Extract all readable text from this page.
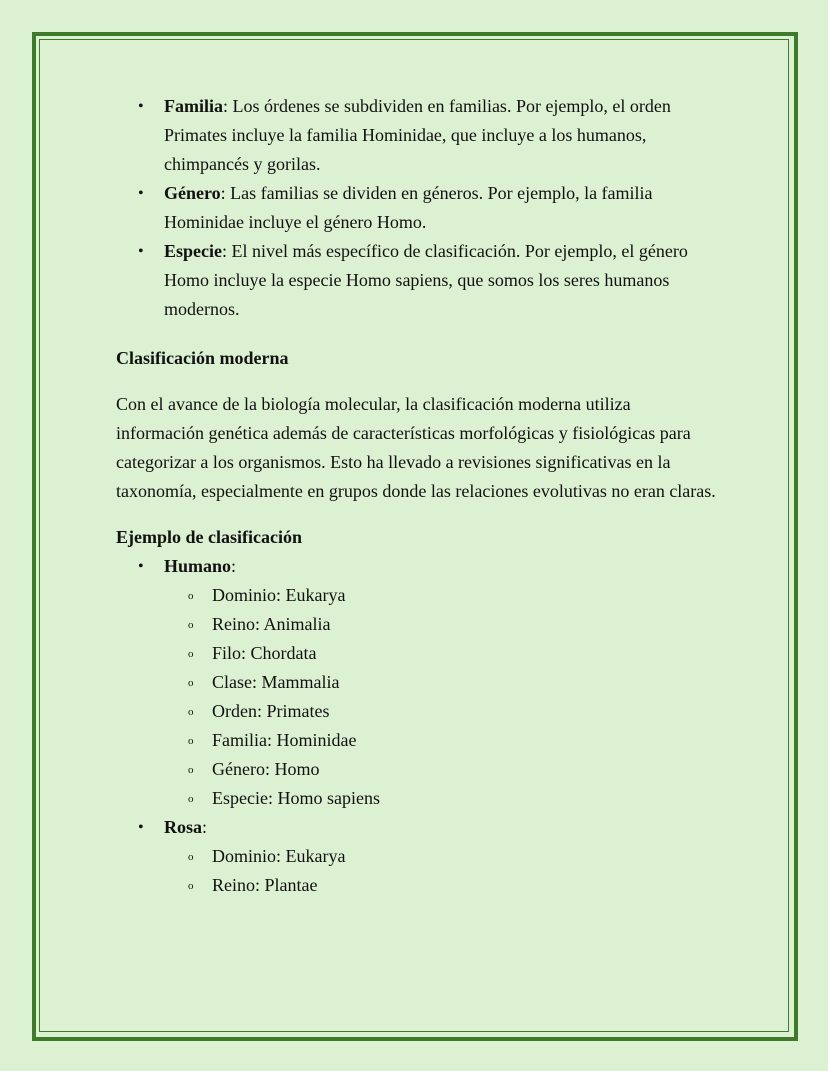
• Familia: Los órdenes se subdividen en familias. Por ejemplo, el orden Primates incluye la familia Hominidae, que incluye a los humanos, chimpancés y gorilas.
• Género: Las familias se dividen en géneros. Por ejemplo, la familia Hominidae incluye el género Homo.
• Especie: El nivel más específico de clasificación. Por ejemplo, el género Homo incluye la especie Homo sapiens, que somos los seres humanos modernos.

Clasificación moderna

Con el avance de la biología molecular, la clasificación moderna utiliza información genética además de características morfológicas y fisiológicas para categorizar a los organismos. Esto ha llevado a revisiones significativas en la taxonomía, especialmente en grupos donde las relaciones evolutivas no eran claras.

Ejemplo de clasificación

• Humano:
o Dominio: Eukarya
o Reino: Animalia
o Filo: Chordata
o Clase: Mammalia
o Orden: Primates
o Familia: Hominidae
o Género: Homo
o Especie: Homo sapiens
• Rosa:
o Dominio: Eukarya
o Reino: Plantae
